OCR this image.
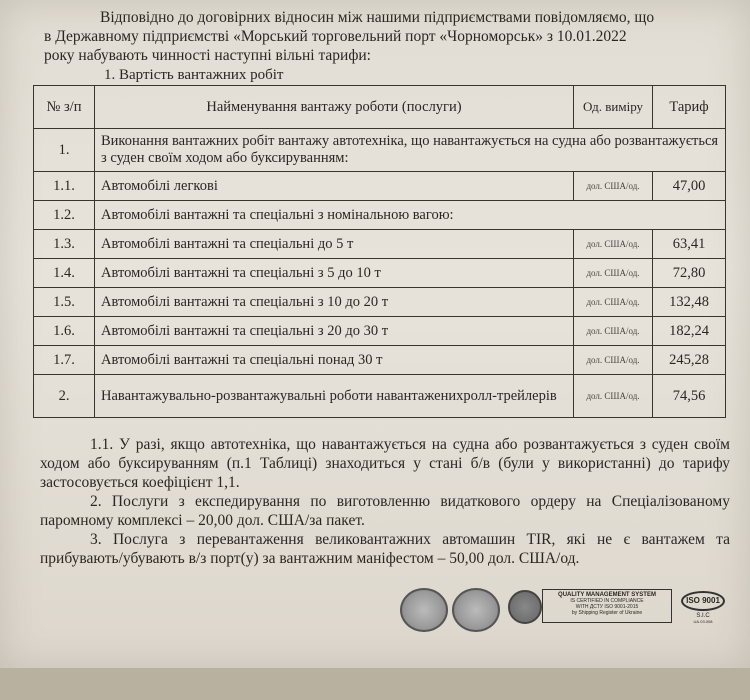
Відповідно до договірних відносин між нашими підприємствами повідомляємо, що

в Державному підприємстві «Морський торговельний порт «Чорноморськ» з 10.01.2022

року набувають чинності наступні вільні тарифи:

1. Вартість вантажних робіт
№ з/п	Найменування вантажу роботи (послуги)	Од. виміру	Тариф
1.	Виконання вантажних робіт вантажу автотехніка, що навантажується на судна або розвантажується з суден своїм ходом або буксируванням:		
1.1.	Автомобілі легкові	дол. США/од.	47,00
1.2.	Автомобілі вантажні та спеціальні з номінальною вагою:		
1.3.	Автомобілі вантажні та спеціальні до 5 т	дол. США/од.	63,41
1.4.	Автомобілі вантажні та спеціальні з 5 до 10 т	дол. США/од.	72,80
1.5.	Автомобілі вантажні та спеціальні з 10 до 20 т	дол. США/од.	132,48
1.6.	Автомобілі вантажні та спеціальні з 20 до 30 т	дол. США/од.	182,24
1.7.	Автомобілі вантажні та спеціальні понад 30 т	дол. США/од.	245,28
2.	Навантажувально-розвантажувальні роботи навантаженихролл-трейлерів	дол. США/од.	74,56

1.1. У разі, якщо автотехніка, що навантажується на судна або розвантажується з суден своїм ходом або буксируванням (п.1 Таблиці) знаходиться у стані б/в (були у використанні) до тарифу застосовується коефіцієнт 1,1.

2. Послуги з експедирування по виготовленню видаткового ордеру на Спеціалізованому паромному комплексі – 20,00 дол. США/за пакет.

3. Послуга з перевантаження великовантажних автомашин TIR, які не є вантажем та прибувають/убувають в/з порт(у) за вантажним маніфестом – 50,00 дол. США/од.

QUALITY MANAGEMENT SYSTEM
IS CERTIFIED IN COMPLIANCE
WITH ДСТУ ISO 9001-2015
by Shipping Register of Ukraine
ISO 9001
S.I.C
UA.03.008
